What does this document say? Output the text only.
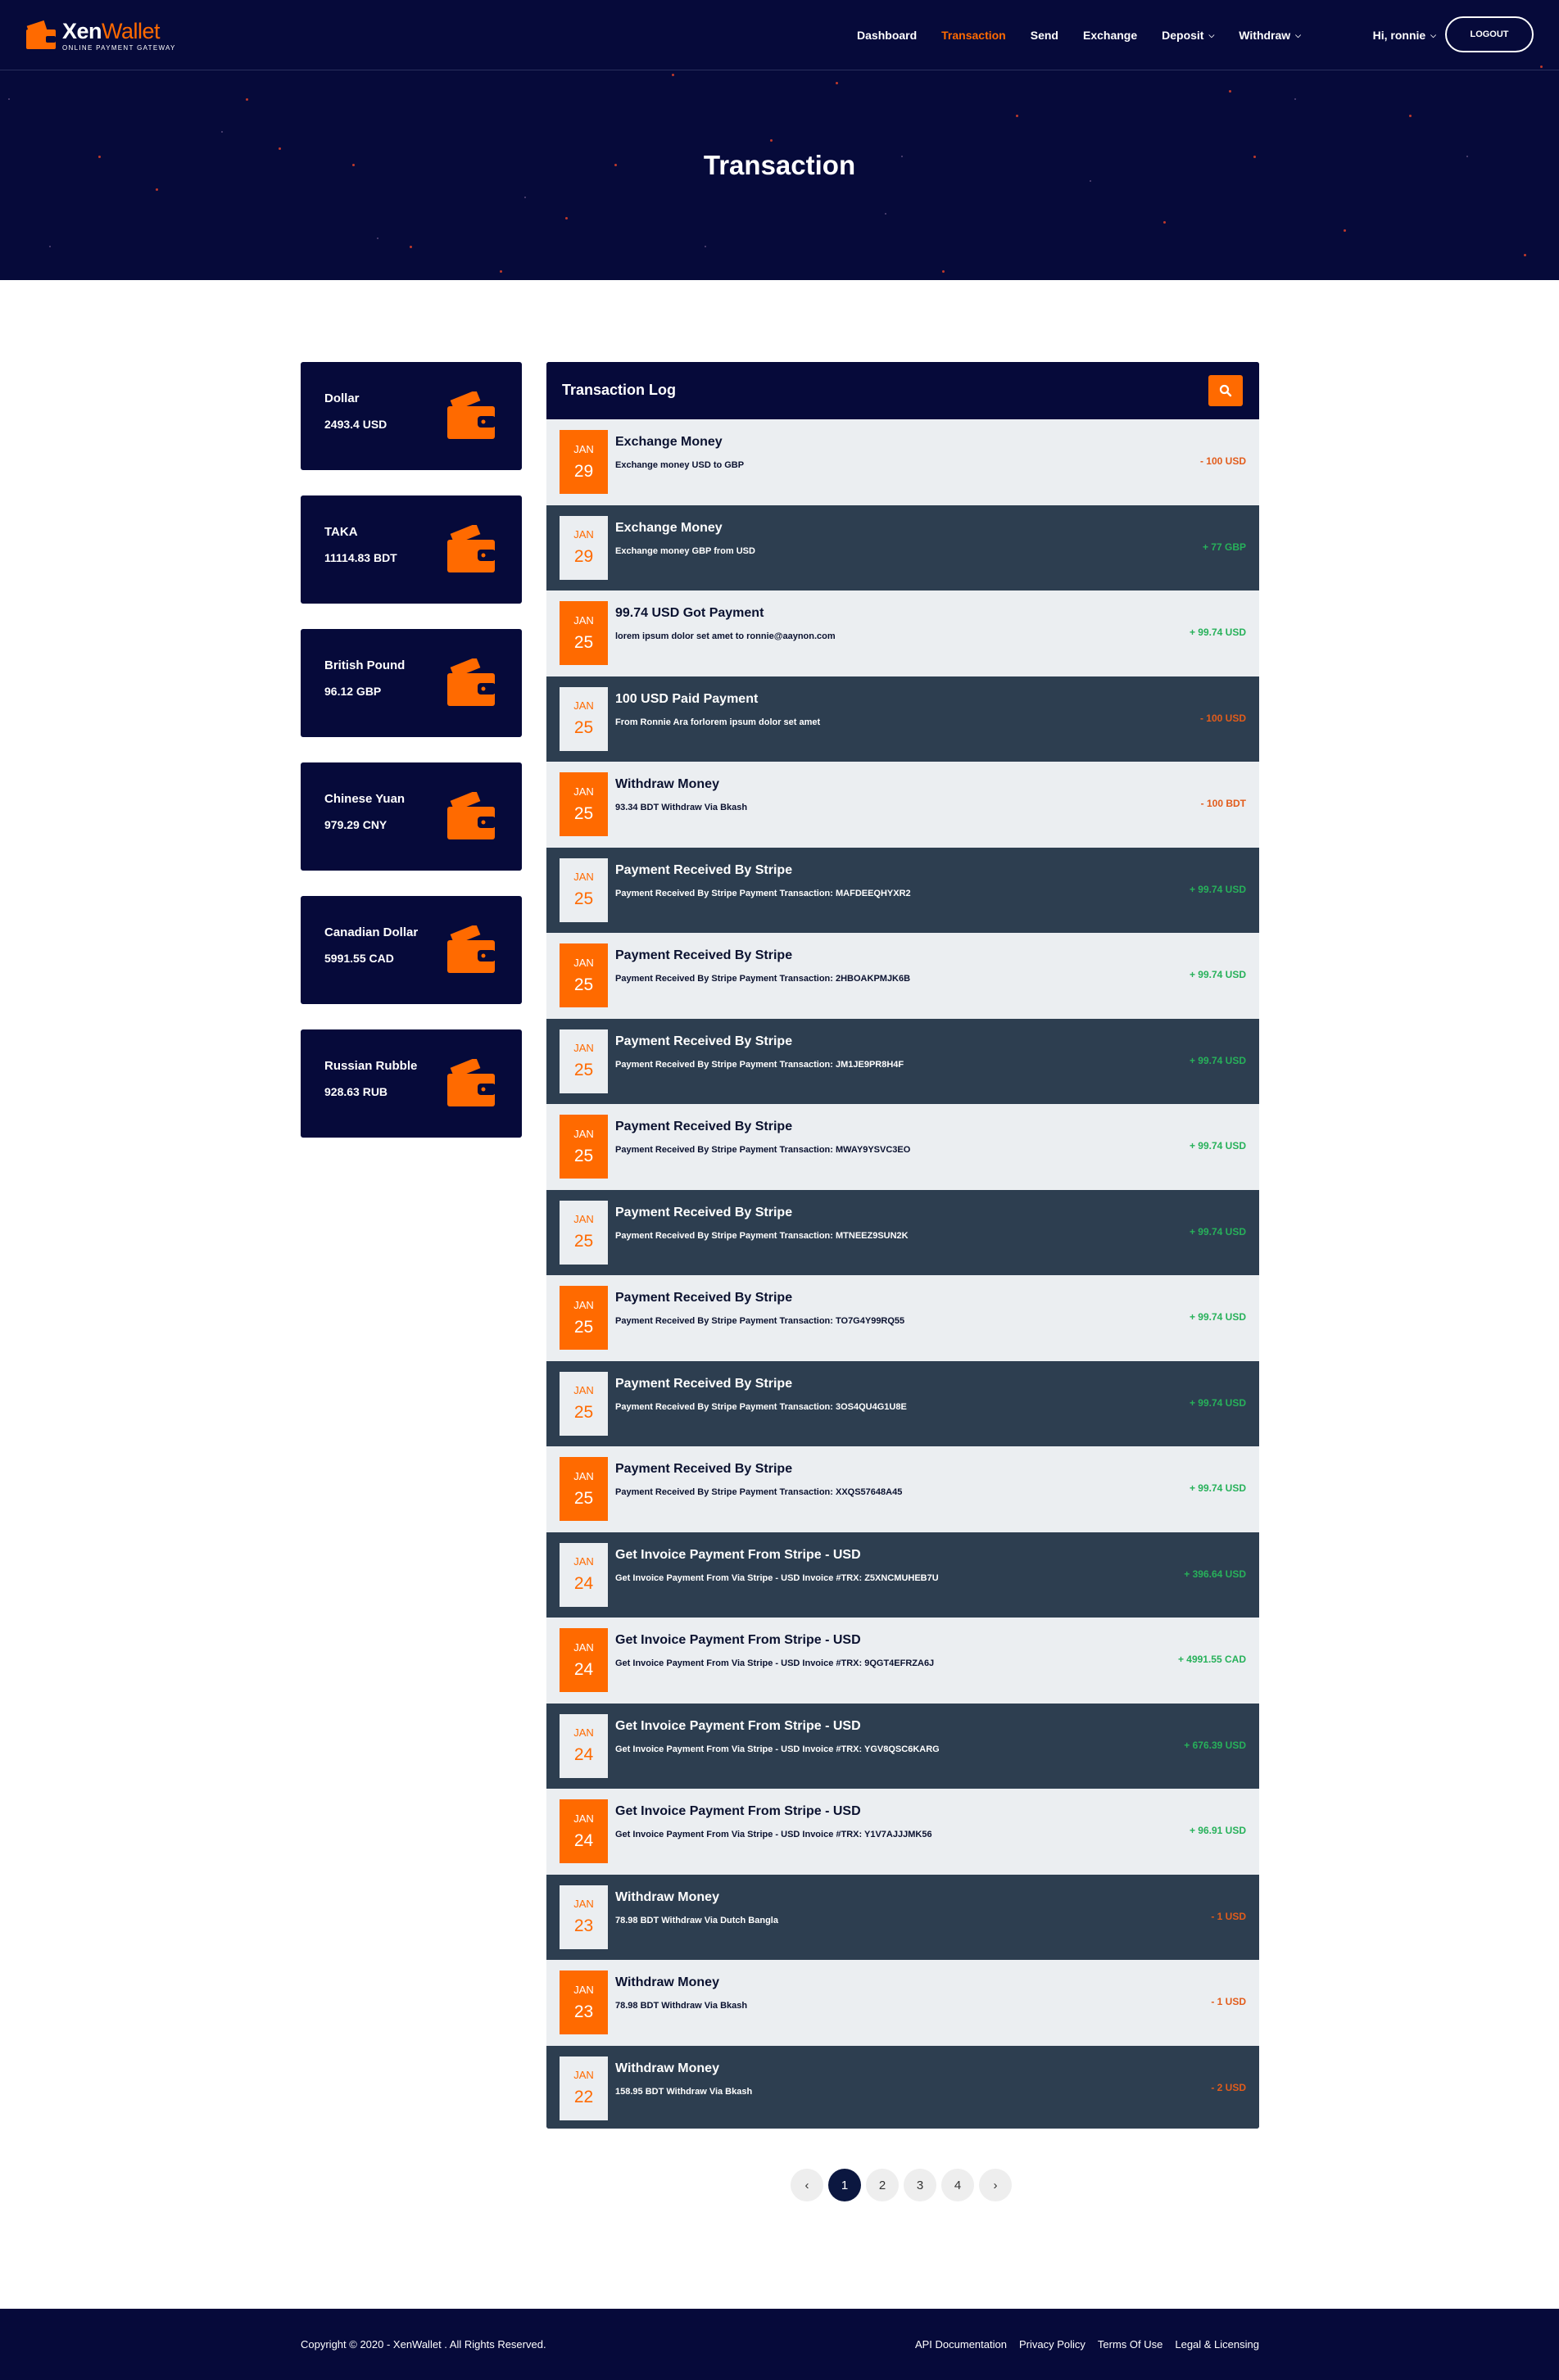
XenWallet
ONLINE PAYMENT GATEWAY
Dashboard Transaction Send Exchange Deposit ⌵ Withdraw ⌵	Hi, ronnie ⌵	LOGOUT
Transaction
Dollar
2493.4 USD
TAKA
11114.83 BDT
British Pound
96.12 GBP
Chinese Yuan
979.29 CNY
Canadian Dollar
5991.55 CAD
Russian Rubble
928.63 RUB
Transaction Log
JAN
29
Exchange Money
Exchange money USD to GBP	- 100 USD
JAN
29
Exchange Money
Exchange money GBP from USD	+ 77 GBP
JAN
25
99.74 USD Got Payment
lorem ipsum dolor set amet to ronnie@aaynon.com	+ 99.74 USD
JAN
25
100 USD Paid Payment
From Ronnie Ara forlorem ipsum dolor set amet	- 100 USD
JAN
25
Withdraw Money
93.34 BDT Withdraw Via Bkash	- 100 BDT
JAN
25
Payment Received By Stripe
Payment Received By Stripe Payment Transaction: MAFDEEQHYXR2	+ 99.74 USD
JAN
25
Payment Received By Stripe
Payment Received By Stripe Payment Transaction: 2HBOAKPMJK6B	+ 99.74 USD
JAN
25
Payment Received By Stripe
Payment Received By Stripe Payment Transaction: JM1JE9PR8H4F	+ 99.74 USD
JAN
25
Payment Received By Stripe
Payment Received By Stripe Payment Transaction: MWAY9YSVC3EO	+ 99.74 USD
JAN
25
Payment Received By Stripe
Payment Received By Stripe Payment Transaction: MTNEEZ9SUN2K	+ 99.74 USD
JAN
25
Payment Received By Stripe
Payment Received By Stripe Payment Transaction: TO7G4Y99RQ55	+ 99.74 USD
JAN
25
Payment Received By Stripe
Payment Received By Stripe Payment Transaction: 3OS4QU4G1U8E	+ 99.74 USD
JAN
25
Payment Received By Stripe
Payment Received By Stripe Payment Transaction: XXQS57648A45	+ 99.74 USD
JAN
24
Get Invoice Payment From Stripe - USD
Get Invoice Payment From Via Stripe - USD Invoice #TRX: Z5XNCMUHEB7U	+ 396.64 USD
JAN
24
Get Invoice Payment From Stripe - USD
Get Invoice Payment From Via Stripe - USD Invoice #TRX: 9QGT4EFRZA6J	+ 4991.55 CAD
JAN
24
Get Invoice Payment From Stripe - USD
Get Invoice Payment From Via Stripe - USD Invoice #TRX: YGV8QSC6KARG	+ 676.39 USD
JAN
24
Get Invoice Payment From Stripe - USD
Get Invoice Payment From Via Stripe - USD Invoice #TRX: Y1V7AJJJMK56	+ 96.91 USD
JAN
23
Withdraw Money
78.98 BDT Withdraw Via Dutch Bangla	- 1 USD
JAN
23
Withdraw Money
78.98 BDT Withdraw Via Bkash	- 1 USD
JAN
22
Withdraw Money
158.95 BDT Withdraw Via Bkash	- 2 USD
‹	1	2	3	4	›
Copyright © 2020 - XenWallet . All Rights Reserved.	API Documentation Privacy Policy Terms Of Use Legal & Licensing
